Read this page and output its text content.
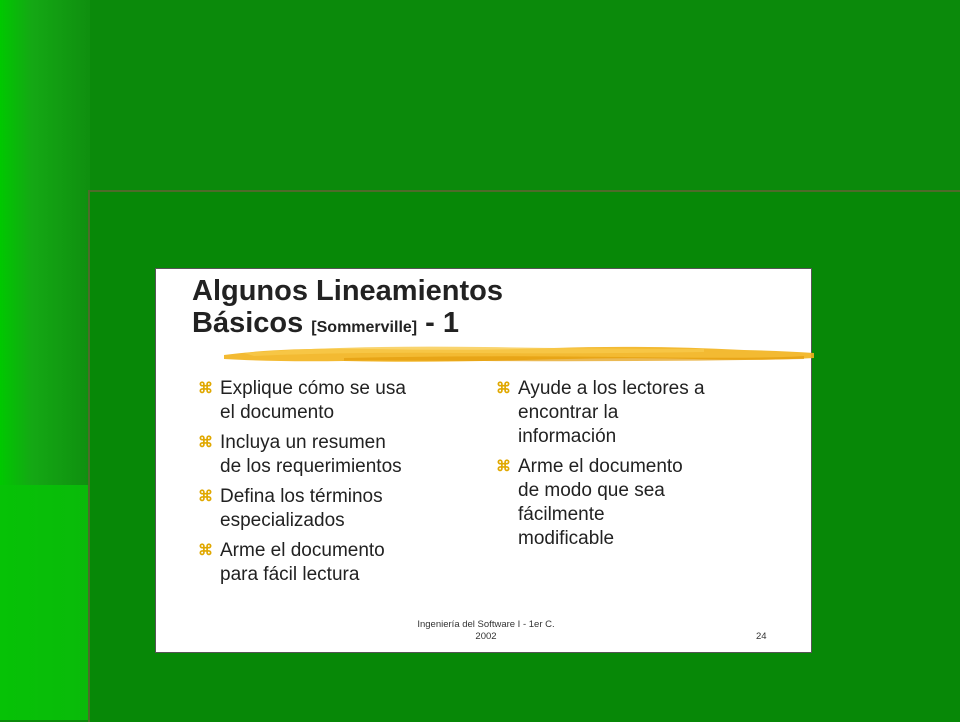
Algunos Lineamientos
Básicos [Sommerville] - 1
⌘ Explique cómo se usa
el documento
⌘ Incluya un resumen
de los requerimientos
⌘ Defina los términos
especializados
⌘ Arme el documento
para fácil lectura
⌘ Ayude a los lectores a
encontrar la
información
⌘ Arme el documento
de modo que sea
fácilmente
modificable
Ingeniería del Software I - 1er C.
2002	24
